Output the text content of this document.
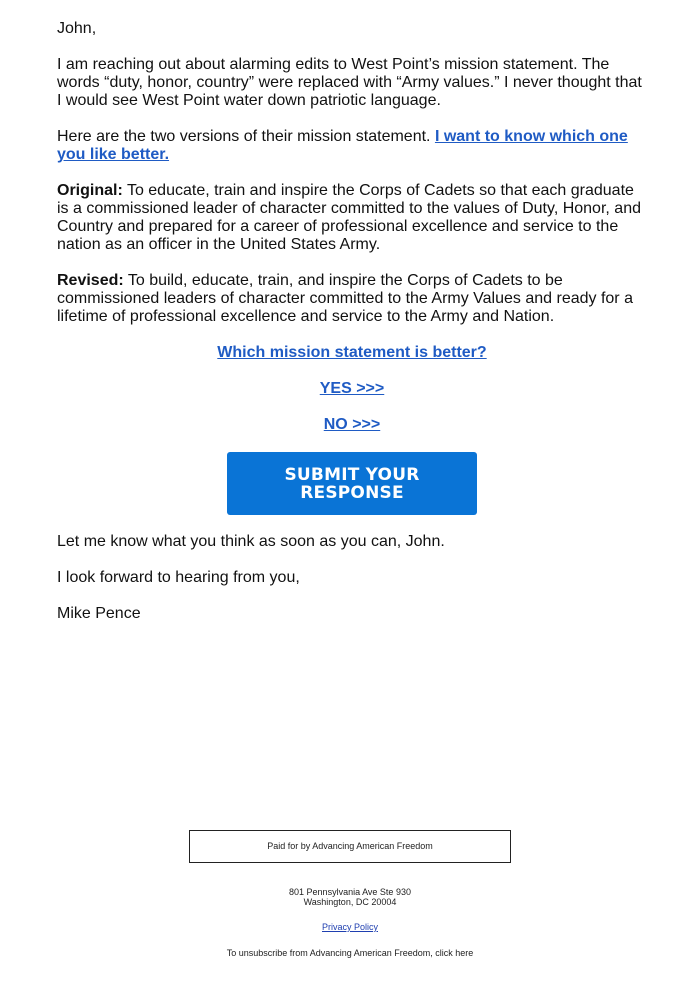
John,

I am reaching out about alarming edits to West Point’s mission statement. The words “duty, honor, country” were replaced with “Army values.” I never thought that I would see West Point water down patriotic language.

Here are the two versions of their mission statement. I want to know which one you like better.

Original: To educate, train and inspire the Corps of Cadets so that each graduate is a commissioned leader of character committed to the values of Duty, Honor, and Country and prepared for a career of professional excellence and service to the nation as an officer in the United States Army.

Revised: To build, educate, train, and inspire the Corps of Cadets to be commissioned leaders of character committed to the Army Values and ready for a lifetime of professional excellence and service to the Army and Nation.

Which mission statement is better?

YES >>>

NO >>>

SUBMIT YOUR RESPONSE

Let me know what you think as soon as you can, John.

I look forward to hearing from you,

Mike Pence

Paid for by Advancing American Freedom
801 Pennsylvania Ave Ste 930
Washington, DC 20004
Privacy Policy
To unsubscribe from Advancing American Freedom, click here
